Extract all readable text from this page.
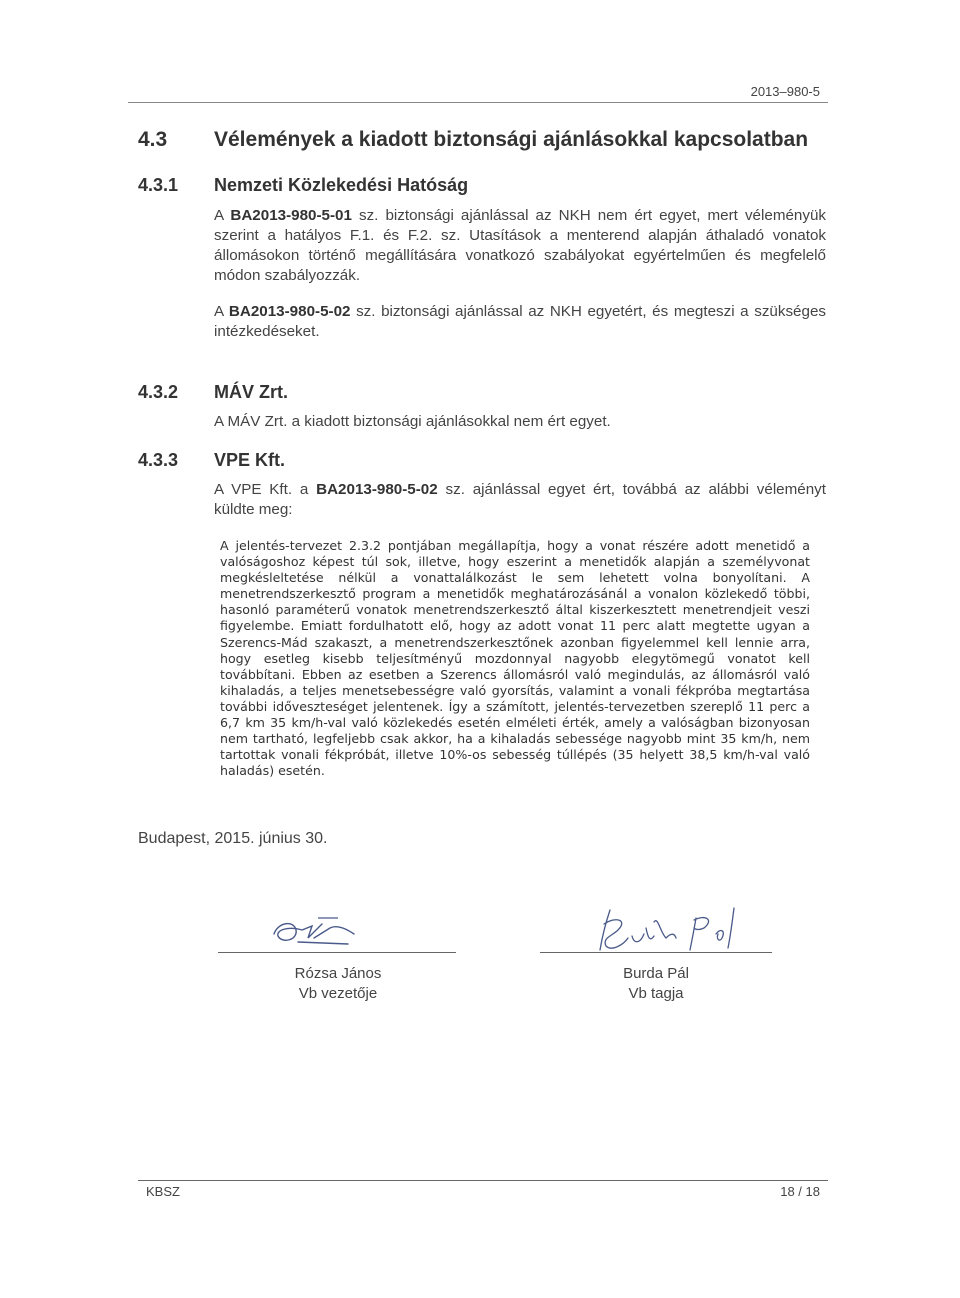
2013–980-5
4.3 Vélemények a kiadott biztonsági ajánlásokkal kapcsolatban
4.3.1 Nemzeti Közlekedési Hatóság
A BA2013-980-5-01 sz. biztonsági ajánlással az NKH nem ért egyet, mert véleményük szerint a hatályos F.1. és F.2. sz. Utasítások a menterend alapján áthaladó vonatok állomásokon történő megállítására vonatkozó szabályokat egyértelműen és megfelelő módon szabályozzák.
A BA2013-980-5-02 sz. biztonsági ajánlással az NKH egyetért, és megteszi a szükséges intézkedéseket.
4.3.2 MÁV Zrt.
A MÁV Zrt. a kiadott biztonsági ajánlásokkal nem ért egyet.
4.3.3 VPE Kft.
A VPE Kft. a BA2013-980-5-02 sz. ajánlással egyet ért, továbbá az alábbi véleményt küldte meg:
A jelentés-tervezet 2.3.2 pontjában megállapítja, hogy a vonat részére adott menetidő a valóságoshoz képest túl sok, illetve, hogy eszerint a menetidők alapján a személyvonat megkésleltetése nélkül a vonattalálkozást le sem lehetett volna bonyolítani. A menetrendszerkesztő program a menetidők meghatározásánál a vonalon közlekedő többi, hasonló paraméterű vonatok menetrendszerkesztő által kiszerkesztett menetrendjeit veszi figyelembe. Emiatt fordulhatott elő, hogy az adott vonat 11 perc alatt megtette ugyan a Szerencs-Mád szakaszt, a menetrendszerkesztőnek azonban figyelemmel kell lennie arra, hogy esetleg kisebb teljesítményű mozdonnyal nagyobb elegytömegű vonatot kell továbbítani. Ebben az esetben a Szerencs állomásról való megindulás, az állomásról való kihaladás, a teljes menetsebességre való gyorsítás, valamint a vonali fékpróba megtartása további időveszteséget jelentenek. Így a számított, jelentés-tervezetben szereplő 11 perc a 6,7 km 35 km/h-val való közlekedés esetén elméleti érték, amely a valóságban bizonyosan nem tartható, legfeljebb csak akkor, ha a kihaladás sebessége nagyobb mint 35 km/h, nem tartottak vonali fékpróbát, illetve 10%-os sebesség túllépés (35 helyett 38,5 km/h-val való haladás) esetén.
Budapest, 2015. június 30.
Rózsa János
Vb vezetője
Burda Pál
Vb tagja
KBSZ	18 / 18
